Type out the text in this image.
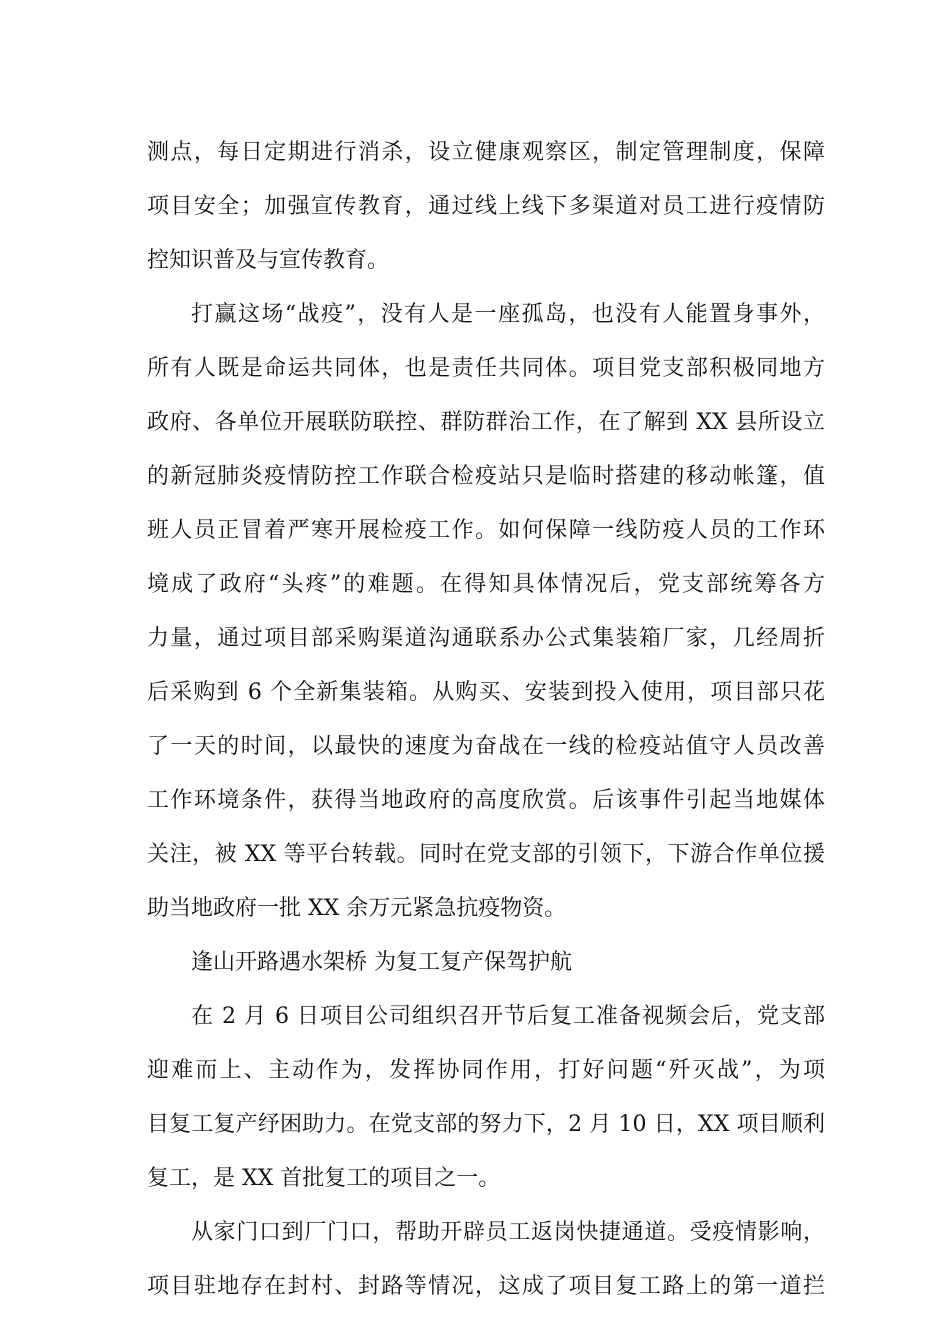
测点，每日定期进行消杀，设立健康观察区，制定管理制度，保障
项目安全；加强宣传教育，通过线上线下多渠道对员工进行疫情防
控知识普及与宣传教育。
打赢这场“战疫”，没有人是一座孤岛，也没有人能置身事外，
所有人既是命运共同体，也是责任共同体。项目党支部积极同地方
政府、各单位开展联防联控、群防群治工作，在了解到 XX 县所设立
的新冠肺炎疫情防控工作联合检疫站只是临时搭建的移动帐篷，值
班人员正冒着严寒开展检疫工作。如何保障一线防疫人员的工作环
境成了政府“头疼”的难题。在得知具体情况后，党支部统筹各方
力量，通过项目部采购渠道沟通联系办公式集装箱厂家，几经周折
后采购到 6 个全新集装箱。从购买、安装到投入使用，项目部只花
了一天的时间，以最快的速度为奋战在一线的检疫站值守人员改善
工作环境条件，获得当地政府的高度欣赏。后该事件引起当地媒体
关注，被 XX 等平台转载。同时在党支部的引领下，下游合作单位援
助当地政府一批 XX 余万元紧急抗疫物资。
逢山开路遇水架桥 为复工复产保驾护航
在 2 月 6 日项目公司组织召开节后复工准备视频会后，党支部
迎难而上、主动作为，发挥协同作用，打好问题“歼灭战”，为项
目复工复产纾困助力。在党支部的努力下，2 月 10 日，XX 项目顺利
复工，是 XX 首批复工的项目之一。
从家门口到厂门口，帮助开辟员工返岗快捷通道。受疫情影响，
项目驻地存在封村、封路等情况，这成了项目复工路上的第一道拦
